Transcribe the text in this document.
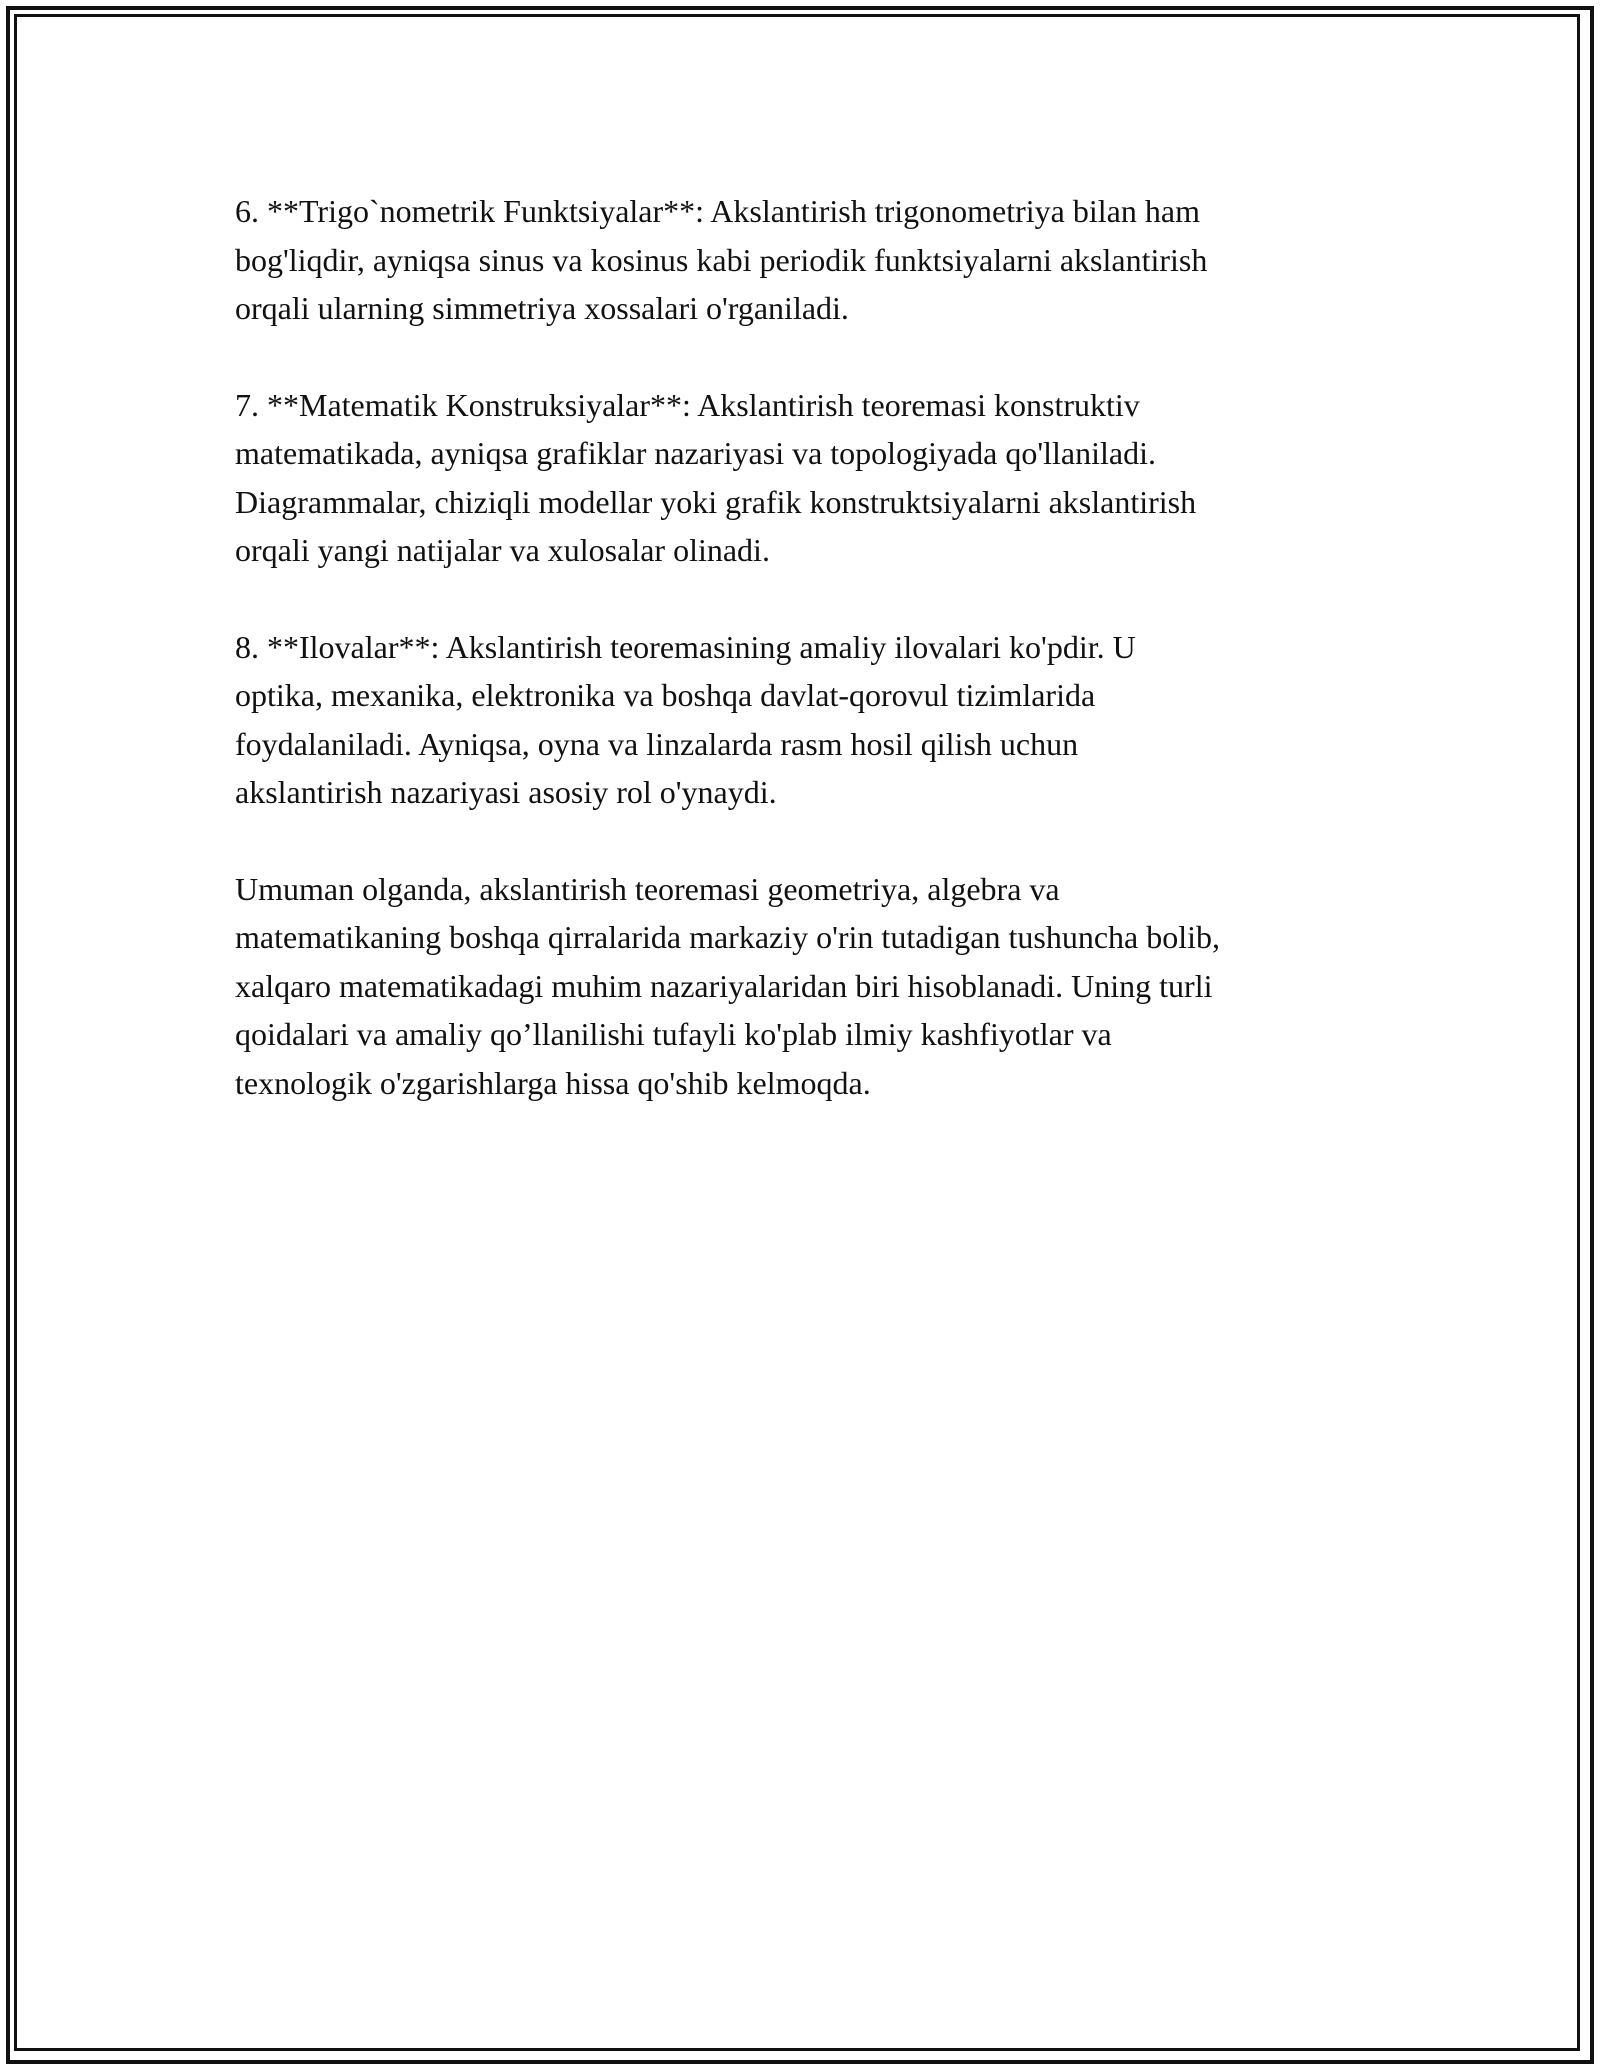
6. **Trigo`nometrik Funktsiyalar**: Akslantirish trigonometriya bilan ham
bog'liqdir, ayniqsa sinus va kosinus kabi periodik funktsiyalarni akslantirish
orqali ularning simmetriya xossalari o'rganiladi.

7. **Matematik Konstruksiyalar**: Akslantirish teoremasi konstruktiv
matematikada, ayniqsa grafiklar nazariyasi va topologiyada qo'llaniladi.
Diagrammalar, chiziqli modellar yoki grafik konstruktsiyalarni akslantirish
orqali yangi natijalar va xulosalar olinadi.

8. **Ilovalar**: Akslantirish teoremasining amaliy ilovalari ko'pdir. U
optika, mexanika, elektronika va boshqa davlat-qorovul tizimlarida
foydalaniladi. Ayniqsa, oyna va linzalarda rasm hosil qilish uchun
akslantirish nazariyasi asosiy rol o'ynaydi.

Umuman olganda, akslantirish teoremasi geometriya, algebra va
matematikaning boshqa qirralarida markaziy o'rin tutadigan tushuncha bolib,
xalqaro matematikadagi muhim nazariyalaridan biri hisoblanadi. Uning turli
qoidalari va amaliy qo’llanilishi tufayli ko'plab ilmiy kashfiyotlar va
texnologik o'zgarishlarga hissa qo'shib kelmoqda.
